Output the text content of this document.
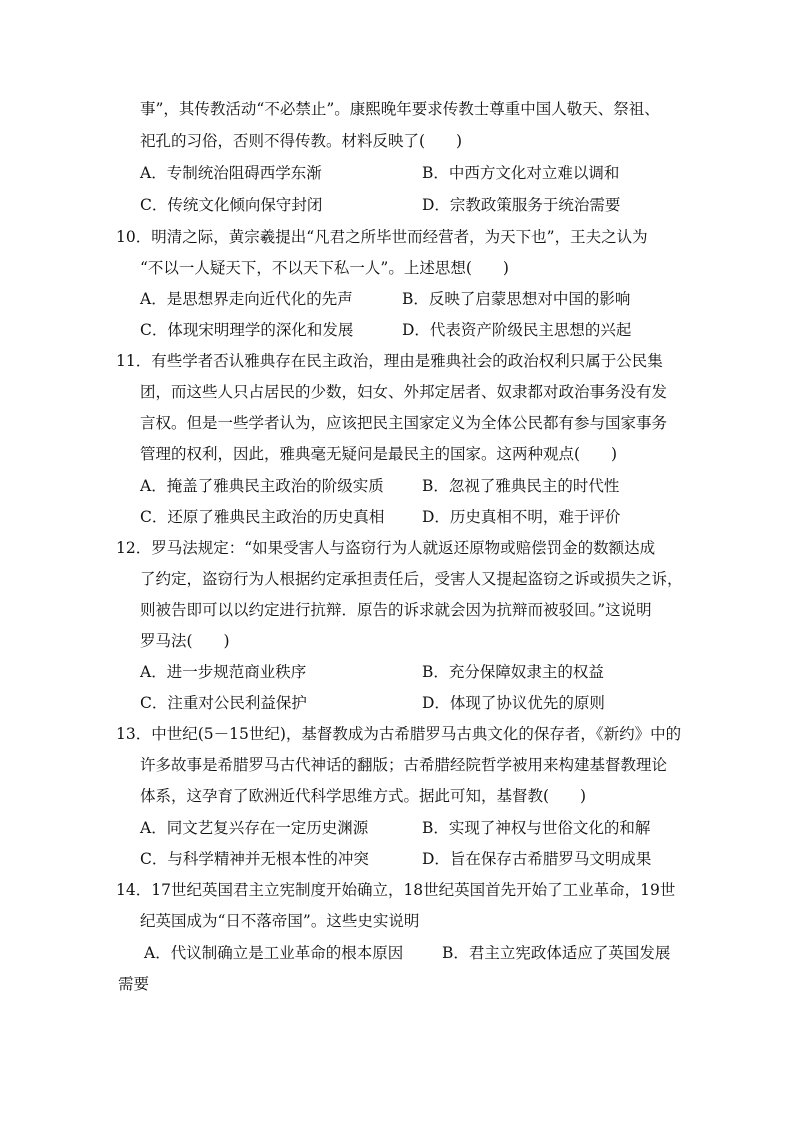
事”，其传教活动“不必禁止”。康熙晚年要求传教士尊重中国人敬天、祭祖、
祀孔的习俗，否则不得传教。材料反映了(　　)
A．专制统治阻碍西学东渐	B．中西方文化对立难以调和
C．传统文化倾向保守封闭	D．宗教政策服务于统治需要
10．明清之际，黄宗羲提出“凡君之所毕世而经营者，为天下也”，王夫之认为
“不以一人疑天下，不以天下私一人”。上述思想(　　)
A．是思想界走向近代化的先声	B．反映了启蒙思想对中国的影响
C．体现宋明理学的深化和发展	D．代表资产阶级民主思想的兴起
11．有些学者否认雅典存在民主政治，理由是雅典社会的政治权利只属于公民集
团，而这些人只占居民的少数，妇女、外邦定居者、奴隶都对政治事务没有发
言权。但是一些学者认为，应该把民主国家定义为全体公民都有参与国家事务
管理的权利，因此，雅典毫无疑问是最民主的国家。这两种观点(　　)
A．掩盖了雅典民主政治的阶级实质 B．忽视了雅典民主的时代性
C．还原了雅典民主政治的历史真相 D．历史真相不明，难于评价
12．罗马法规定：“如果受害人与盗窃行为人就返还原物或赔偿罚金的数额达成
了约定，盗窃行为人根据约定承担责任后，受害人又提起盗窃之诉或损失之诉，
则被告即可以以约定进行抗辩．原告的诉求就会因为抗辩而被驳回。”这说明
罗马法(　　)
A．进一步规范商业秩序	B．充分保障奴隶主的权益
C．注重对公民利益保护	D．体现了协议优先的原则
13．中世纪(5－15世纪)，基督教成为古希腊罗马古典文化的保存者，《新约》中的
许多故事是希腊罗马古代神话的翻版；古希腊经院哲学被用来构建基督教理论
体系，这孕育了欧洲近代科学思维方式。据此可知，基督教(　　)
A．同文艺复兴存在一定历史渊源	B．实现了神权与世俗文化的和解
C．与科学精神并无根本性的冲突	D．旨在保存古希腊罗马文明成果
14．17世纪英国君主立宪制度开始确立，18世纪英国首先开始了工业革命，19世
纪英国成为“日不落帝国”。这些史实说明
A．代议制确立是工业革命的根本原因	B．君主立宪政体适应了英国发展
需要
